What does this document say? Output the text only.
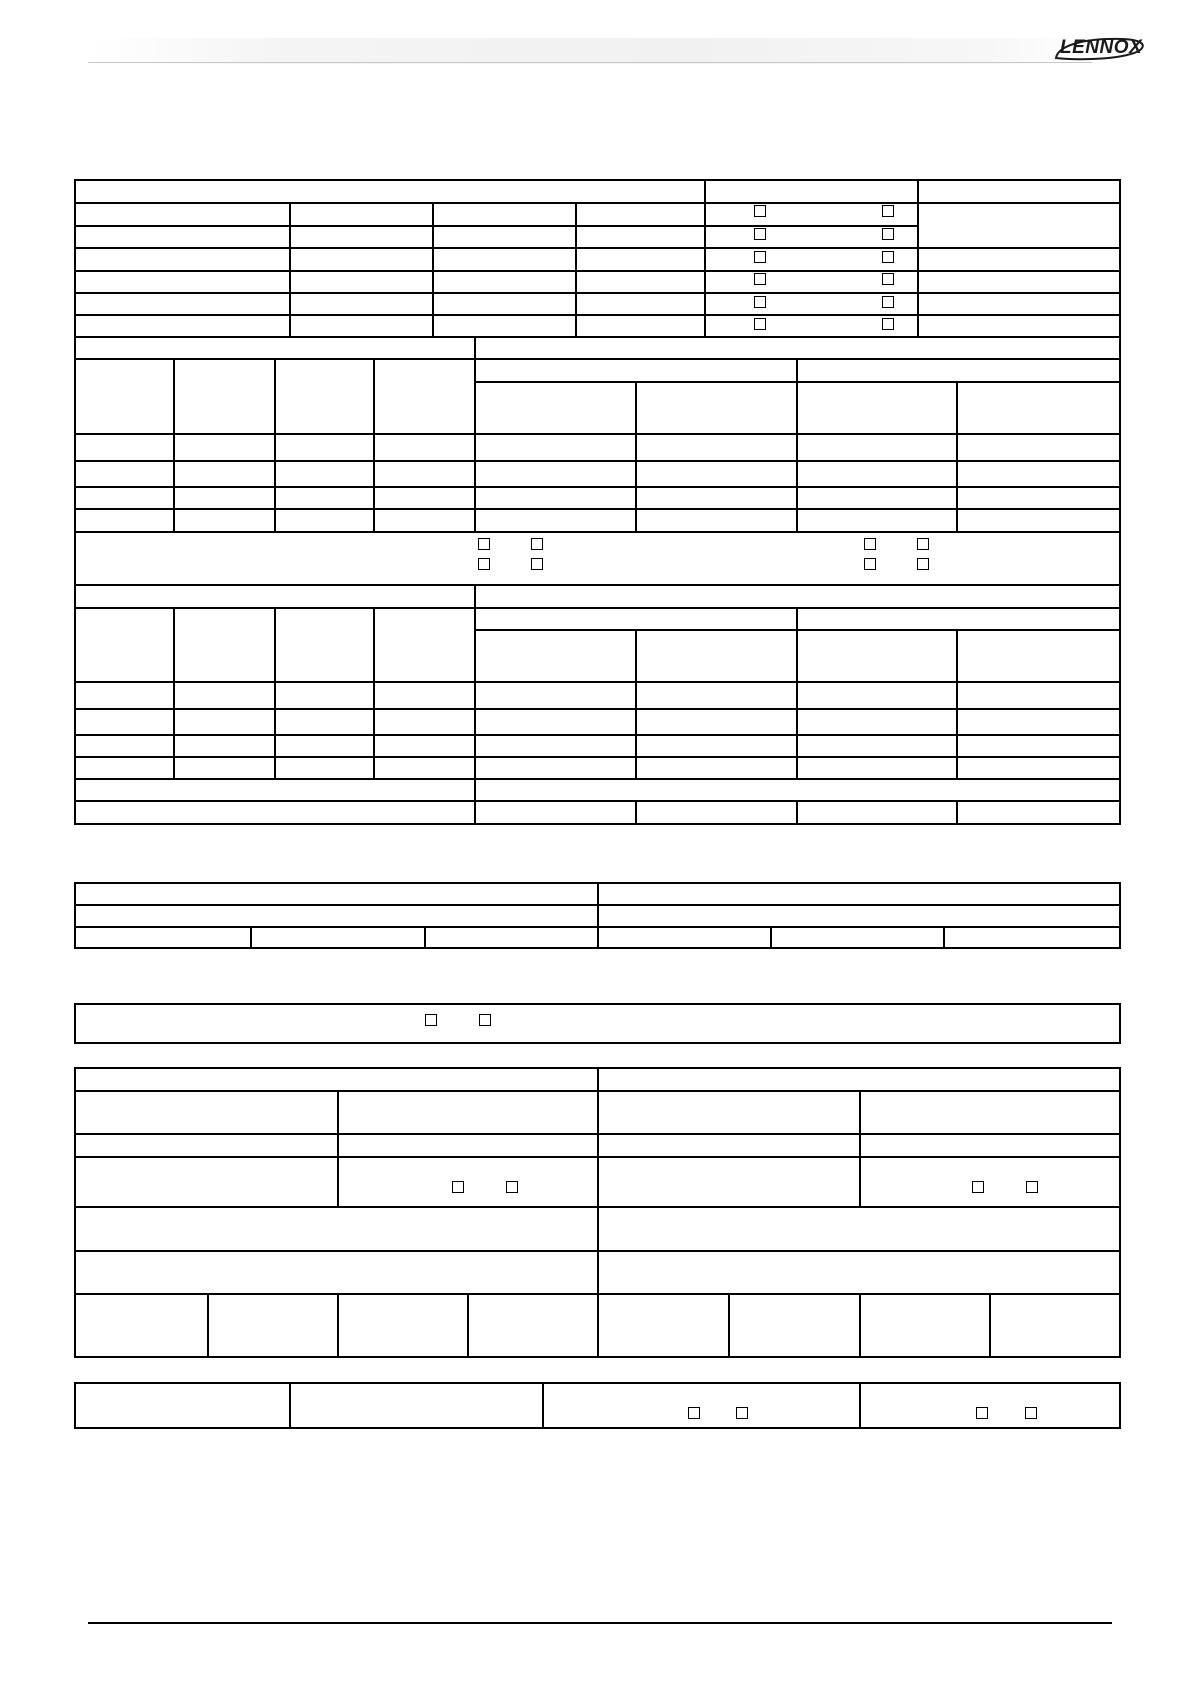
LENNOX
